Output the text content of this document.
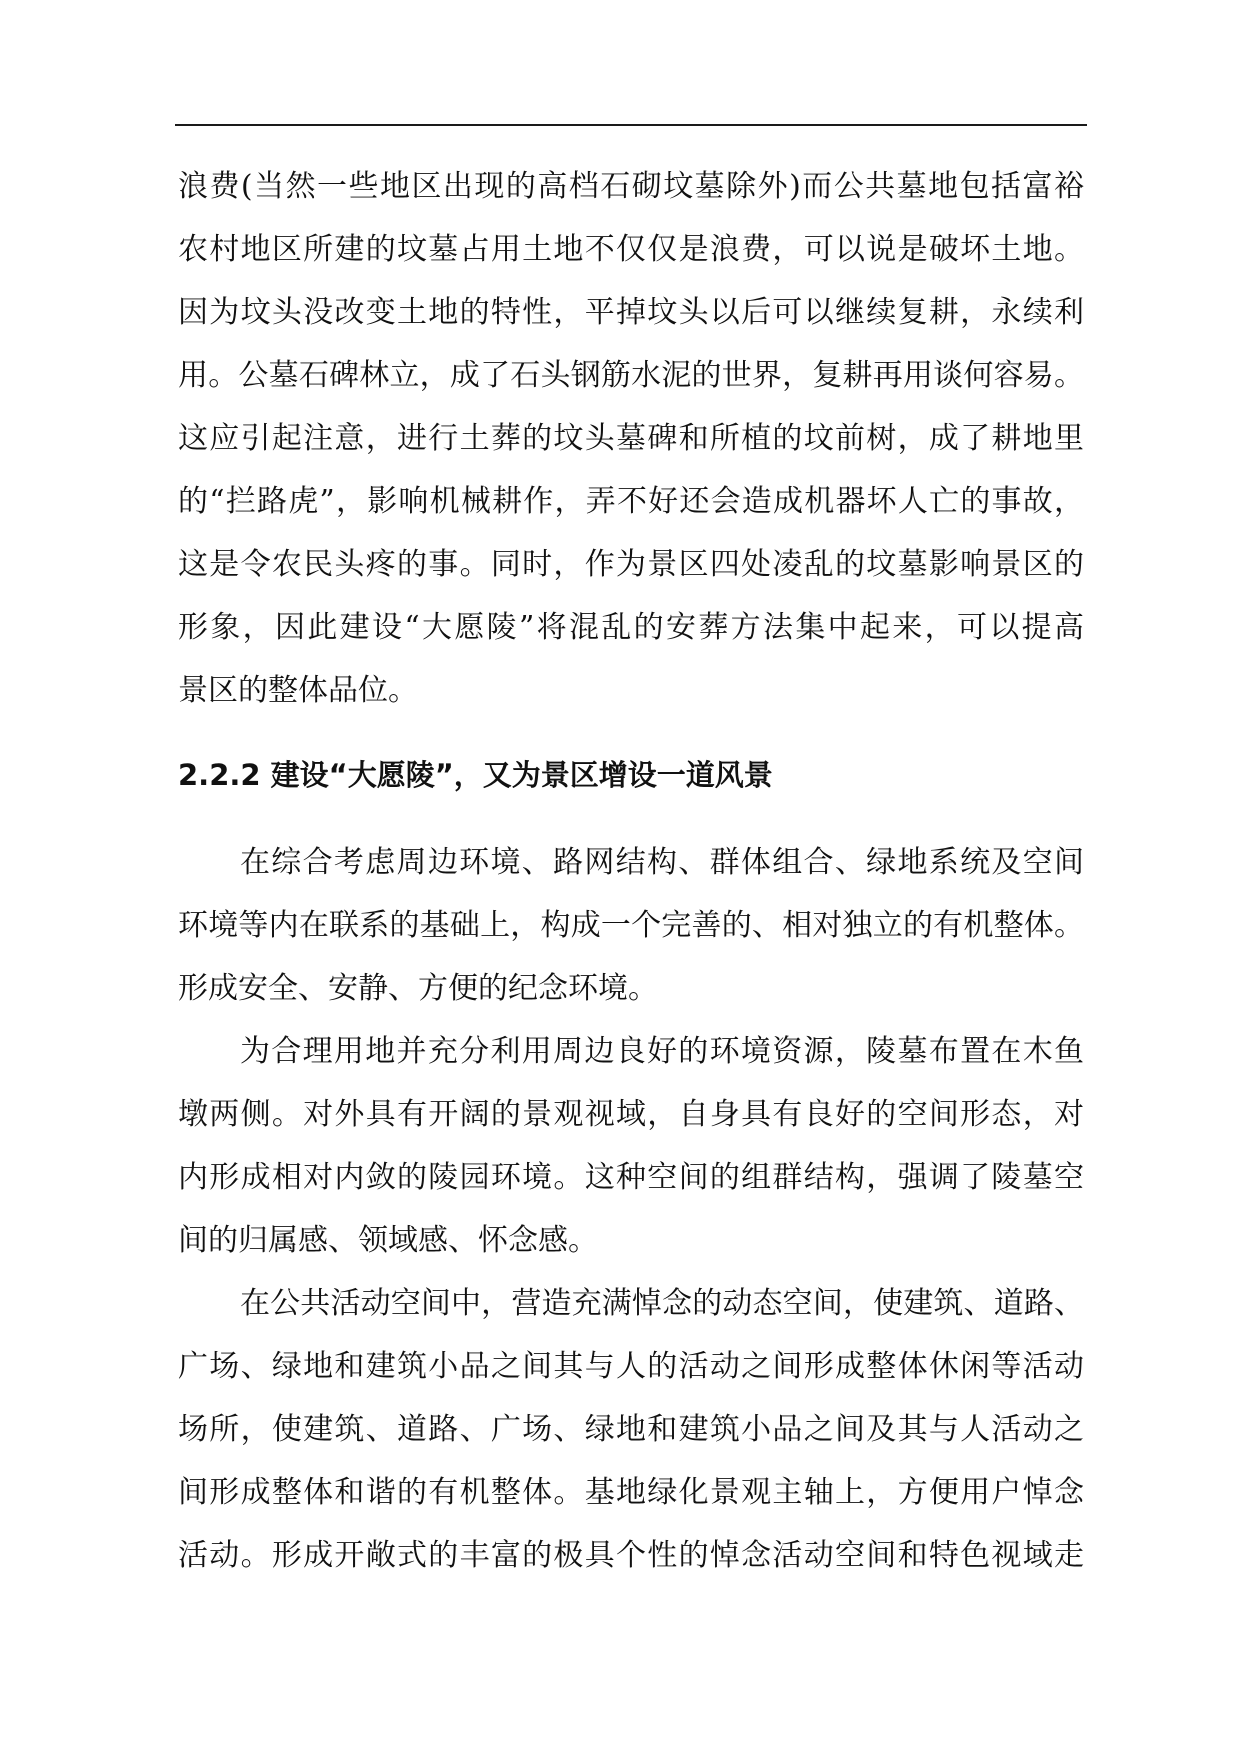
浪费(当然一些地区出现的高档石砌坟墓除外)而公共墓地包括富裕
农村地区所建的坟墓占用土地不仅仅是浪费，可以说是破坏土地。
因为坟头没改变土地的特性，平掉坟头以后可以继续复耕，永续利
用。公墓石碑林立，成了石头钢筋水泥的世界，复耕再用谈何容易。
这应引起注意，进行土葬的坟头墓碑和所植的坟前树，成了耕地里
的“拦路虎”，影响机械耕作，弄不好还会造成机器坏人亡的事故，
这是令农民头疼的事。同时，作为景区四处凌乱的坟墓影响景区的
形象，因此建设“大愿陵”将混乱的安葬方法集中起来，可以提高
景区的整体品位。
2.2.2 建设“大愿陵”，又为景区增设一道风景
在综合考虑周边环境、路网结构、群体组合、绿地系统及空间
环境等内在联系的基础上，构成一个完善的、相对独立的有机整体。
形成安全、安静、方便的纪念环境。
为合理用地并充分利用周边良好的环境资源，陵墓布置在木鱼
墩两侧。对外具有开阔的景观视域，自身具有良好的空间形态，对
内形成相对内敛的陵园环境。这种空间的组群结构，强调了陵墓空
间的归属感、领域感、怀念感。
在公共活动空间中，营造充满悼念的动态空间，使建筑、道路、
广场、绿地和建筑小品之间其与人的活动之间形成整体休闲等活动
场所，使建筑、道路、广场、绿地和建筑小品之间及其与人活动之
间形成整体和谐的有机整体。基地绿化景观主轴上，方便用户悼念
活动。形成开敞式的丰富的极具个性的悼念活动空间和特色视域走
